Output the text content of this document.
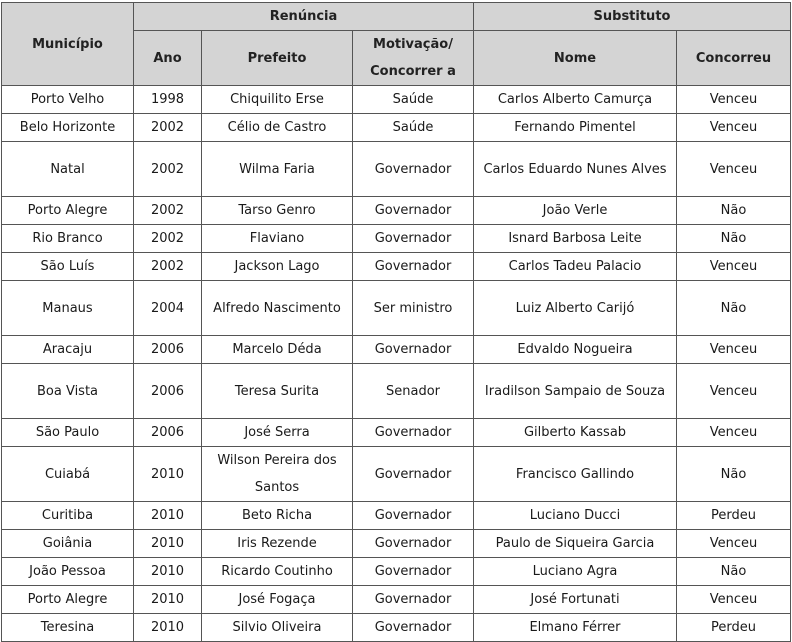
Município	Renúncia			Substituto	
	Ano	Prefeito	Motivação/ Concorrer a	Nome	Concorreu
Porto Velho	1998	Chiquilito Erse	Saúde	Carlos Alberto Camurça	Venceu
Belo Horizonte	2002	Célio de Castro	Saúde	Fernando Pimentel	Venceu
Natal	2002	Wilma Faria	Governador	Carlos Eduardo Nunes Alves	Venceu
Porto Alegre	2002	Tarso Genro	Governador	João Verle	Não
Rio Branco	2002	Flaviano	Governador	Isnard Barbosa Leite	Não
São Luís	2002	Jackson Lago	Governador	Carlos Tadeu Palacio	Venceu
Manaus	2004	Alfredo Nascimento	Ser ministro	Luiz Alberto Carijó	Não
Aracaju	2006	Marcelo Déda	Governador	Edvaldo Nogueira	Venceu
Boa Vista	2006	Teresa Surita	Senador	Iradilson Sampaio de Souza	Venceu
São Paulo	2006	José Serra	Governador	Gilberto Kassab	Venceu
Cuiabá	2010	Wilson Pereira dos Santos	Governador	Francisco Gallindo	Não
Curitiba	2010	Beto Richa	Governador	Luciano Ducci	Perdeu
Goiânia	2010	Iris Rezende	Governador	Paulo de Siqueira Garcia	Venceu
João Pessoa	2010	Ricardo Coutinho	Governador	Luciano Agra	Não
Porto Alegre	2010	José Fogaça	Governador	José Fortunati	Venceu
Teresina	2010	Silvio Oliveira	Governador	Elmano Férrer	Perdeu
